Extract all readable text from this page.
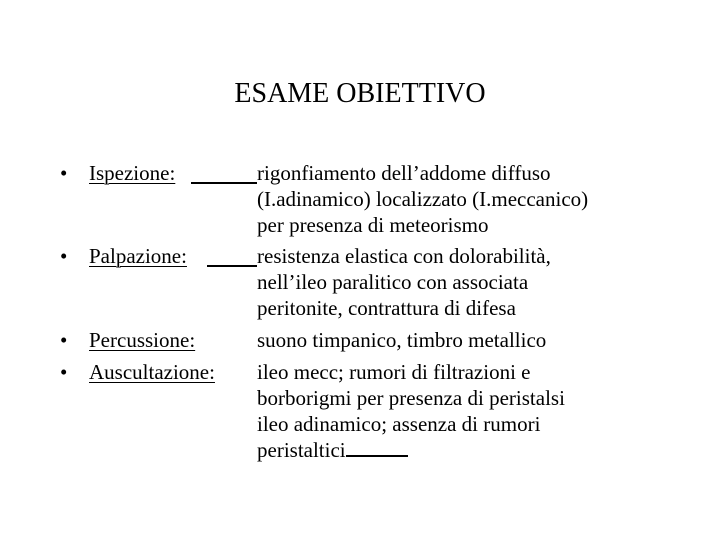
ESAME OBIETTIVO
• Ispezione:	rigonfiamento dell’addome diffuso
(I.adinamico) localizzato (I.meccanico)
per presenza di meteorismo
• Palpazione:	resistenza elastica con dolorabilità,
nell’ileo paralitico con associata
peritonite, contrattura di difesa
• Percussione:	suono timpanico, timbro metallico
• Auscultazione: ileo mecc; rumori di filtrazioni e
borborigmi per presenza di peristalsi
ileo adinamico; assenza di rumori
peristaltici
